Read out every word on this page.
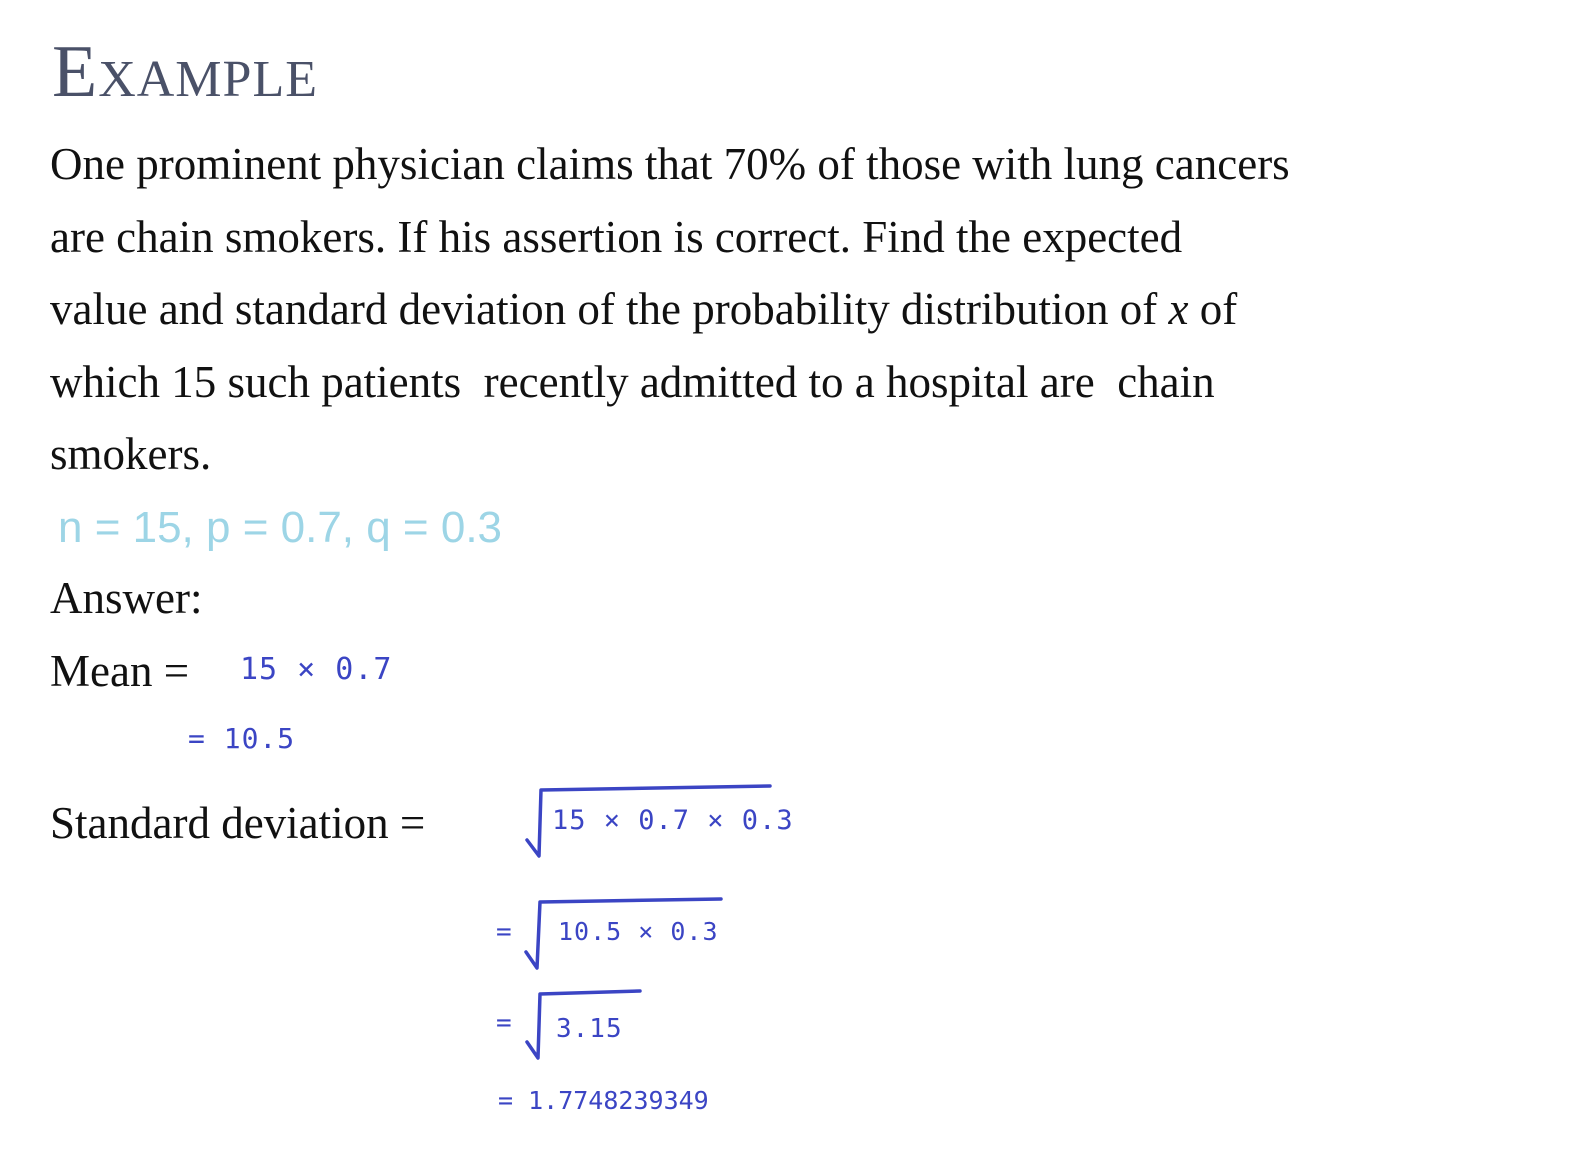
Example

One prominent physician claims that 70% of those with lung cancers
are chain smokers. If his assertion is correct. Find the expected
value and standard deviation of the probability distribution of x of
which 15 such patients  recently admitted to a hospital are  chain
smokers.

n = 15, p = 0.7, q = 0.3
Answer:
Mean = 15 × 0.7
= 10.5
Standard deviation =	15 × 0.7 × 0.3
= 10.5 × 0.3
= 3.15
= 1.7748239349
